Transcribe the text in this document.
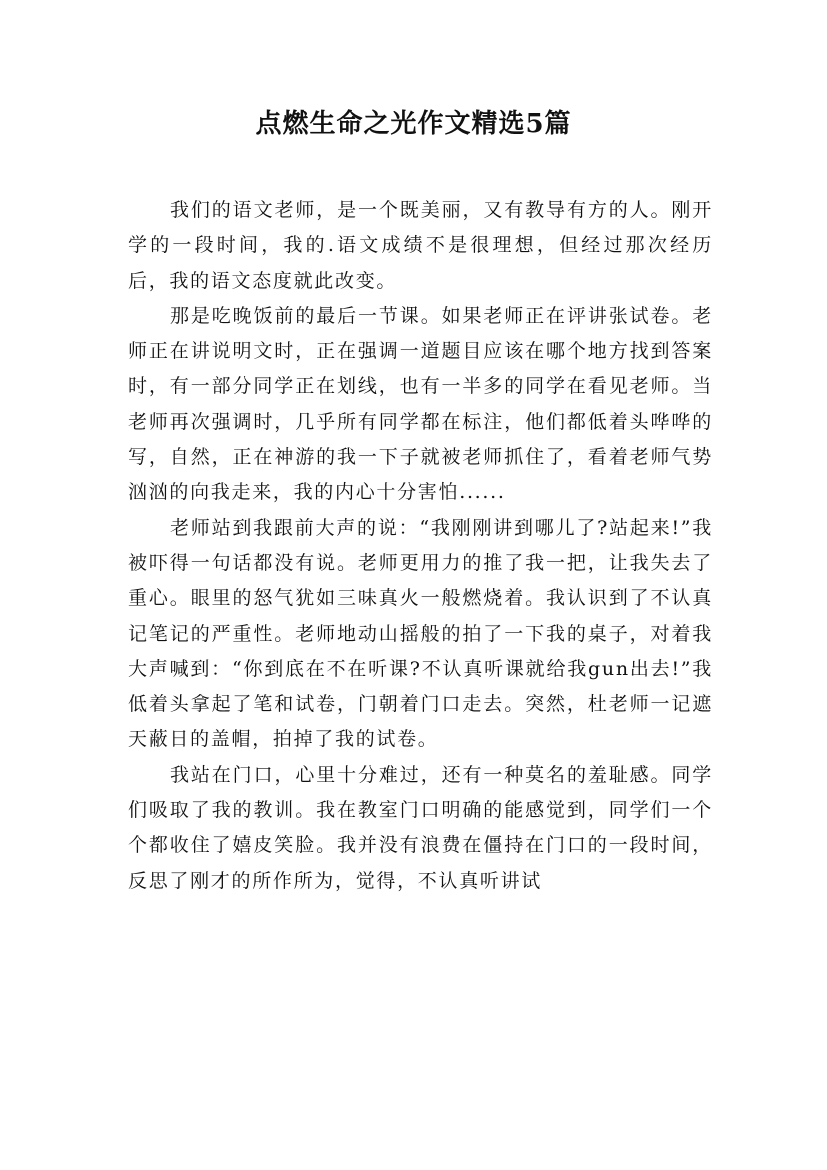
点燃生命之光作文精选5篇

我们的语文老师，是一个既美丽，又有教导有方的人。刚开学的一段时间，我的.语文成绩不是很理想，但经过那次经历后，我的语文态度就此改变。

那是吃晚饭前的最后一节课。如果老师正在评讲张试卷。老师正在讲说明文时，正在强调一道题目应该在哪个地方找到答案时，有一部分同学正在划线，也有一半多的同学在看见老师。当老师再次强调时，几乎所有同学都在标注，他们都低着头哗哗的写，自然，正在神游的我一下子就被老师抓住了，看着老师气势汹汹的向我走来，我的内心十分害怕......

老师站到我跟前大声的说：“我刚刚讲到哪儿了?站起来!”我被吓得一句话都没有说。老师更用力的推了我一把，让我失去了重心。眼里的怒气犹如三味真火一般燃烧着。我认识到了不认真记笔记的严重性。老师地动山摇般的拍了一下我的桌子，对着我大声喊到：“你到底在不在听课?不认真听课就给我gun出去!”我低着头拿起了笔和试卷，门朝着门口走去。突然，杜老师一记遮天蔽日的盖帽，拍掉了我的试卷。

我站在门口，心里十分难过，还有一种莫名的羞耻感。同学们吸取了我的教训。我在教室门口明确的能感觉到，同学们一个个都收住了嬉皮笑脸。我并没有浪费在僵持在门口的一段时间，反思了刚才的所作所为，觉得，不认真听讲试
